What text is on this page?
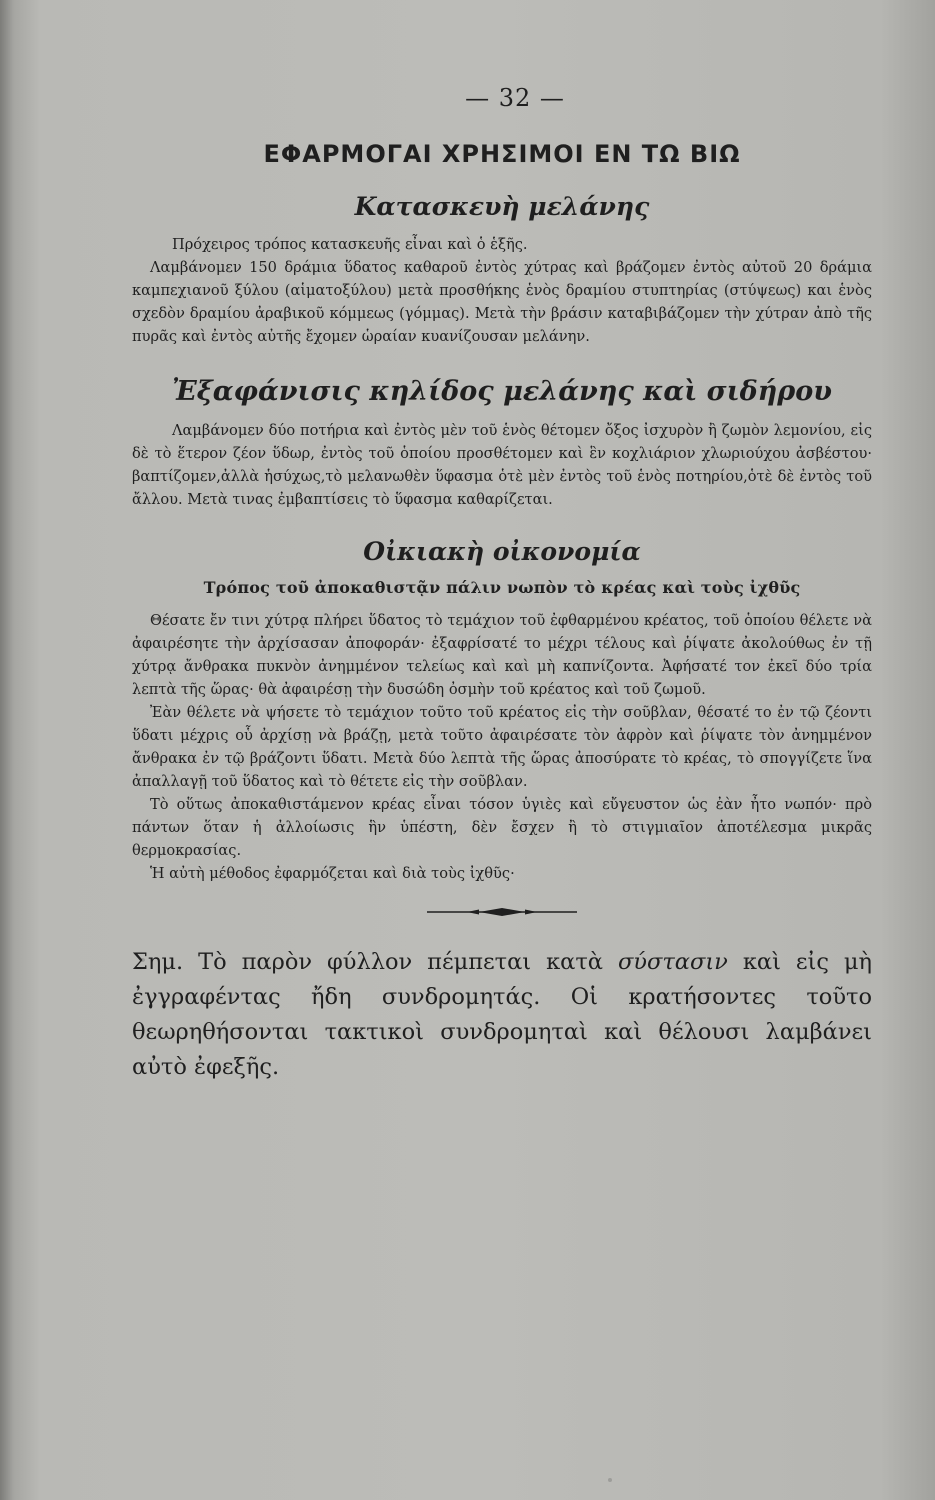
— 32 —
ΕΦΑΡΜΟΓΑΙ ΧΡΗΣΙΜΟΙ ΕΝ ΤΩ ΒΙΩ
Κατασκευὴ μελάνης

Πρόχειρος τρόπος κατασκευῆς εἶναι καὶ ὁ ἑξῆς.

Λαμβάνομεν 150 δράμια ὕδατος καθαροῦ ἐντὸς χύτρας καὶ βράζομεν ἐντὸς αὐτοῦ 20 δράμια καμπεχιανοῦ ξύλου (αἱματοξύλου) μετὰ προσθήκης ἑνὸς δραμίου στυπτηρίας (στύψεως) και ἑνὸς σχεδὸν δραμίου ἀραβικοῦ κόμμεως (γόμμας). Μετὰ τὴν βράσιν καταβιβάζομεν τὴν χύτραν ἀπὸ τῆς πυρᾶς καὶ ἐντὸς αὐτῆς ἔχομεν ὡραίαν κυανίζουσαν μελάνην.

Ἐξαφάνισις κηλίδος μελάνης καὶ σιδήρου

Λαμβάνομεν δύο ποτήρια καὶ ἐντὸς μὲν τοῦ ἑνὸς θέτομεν ὄξος ἰσχυρὸν ἢ ζωμὸν λεμονίου, εἰς δὲ τὸ ἕτερον ζέον ὕδωρ, ἐντὸς τοῦ ὁποίου προσθέτομεν καὶ ἓν κοχλιάριον χλωριούχου ἀσβέστου· βαπτίζομεν,ἀλλὰ ἡσύχως,τὸ μελανωθὲν ὕφασμα ὁτὲ μὲν ἐντὸς τοῦ ἑνὸς ποτηρίου,ὁτὲ δὲ ἐντὸς τοῦ ἄλλου. Μετὰ τινας ἐμβαπτίσεις τὸ ὕφασμα καθαρίζεται.

Οἰκιακὴ οἰκονομία
Τρόπος τοῦ ἀποκαθιστᾷν πάλιν νωπὸν τὸ κρέας καὶ τοὺς ἰχθῦς

Θέσατε ἔν τινι χύτρᾳ πλήρει ὕδατος τὸ τεμάχιον τοῦ ἐφθαρμένου κρέατος, τοῦ ὁποίου θέλετε νὰ ἀφαιρέσητε τὴν ἀρχίσασαν ἀποφοράν· ἐξαφρίσατέ το μέχρι τέλους καὶ ῥίψατε ἀκολούθως ἐν τῇ χύτρᾳ ἄνθρακα πυκνὸν ἀνημμένον τελείως καὶ καὶ μὴ καπνίζοντα. Ἀφήσατέ τον ἐκεῖ δύο τρία λεπτὰ τῆς ὥρας· θὰ ἀφαιρέσῃ τὴν δυσώδη ὀσμὴν τοῦ κρέατος καὶ τοῦ ζωμοῦ.

Ἐὰν θέλετε νὰ ψήσετε τὸ τεμάχιον τοῦτο τοῦ κρέατος εἰς τὴν σοῦβλαν, θέσατέ το ἐν τῷ ζέοντι ὕδατι μέχρις οὗ ἀρχίσῃ νὰ βράζῃ, μετὰ τοῦτο ἀφαιρέσατε τὸν ἀφρὸν καὶ ῥίψατε τὸν ἀνημμένον ἄνθρακα ἐν τῷ βράζοντι ὕδατι. Μετὰ δύο λεπτὰ τῆς ὥρας ἀποσύρατε τὸ κρέας, τὸ σπογγίζετε ἵνα ἀπαλλαγῇ τοῦ ὕδατος καὶ τὸ θέτετε εἰς τὴν σοῦβλαν.

Τὸ οὕτως ἀποκαθιστάμενον κρέας εἶναι τόσον ὑγιὲς καὶ εὔγευστον ὡς ἐὰν ἦτο νωπόν· πρὸ πάντων ὅταν ἡ ἀλλοίωσις ἣν ὑπέστη, δὲν ἔσχεν ἢ τὸ στιγμιαῖον ἀποτέλεσμα μικρᾶς θερμοκρασίας.

Ἡ αὐτὴ μέθοδος ἐφαρμόζεται καὶ διὰ τοὺς ἰχθῦς·

Σημ. Τὸ παρὸν φύλλον πέμπεται κατὰ σύστασιν καὶ εἰς μὴ ἐγγραφέντας ἤδη συνδρομητάς. Οἱ κρατήσοντες τοῦτο θεωρηθήσονται τακτικοὶ συνδρομηταὶ καὶ θέλουσι λαμβάνει αὐτὸ ἐφεξῆς.
